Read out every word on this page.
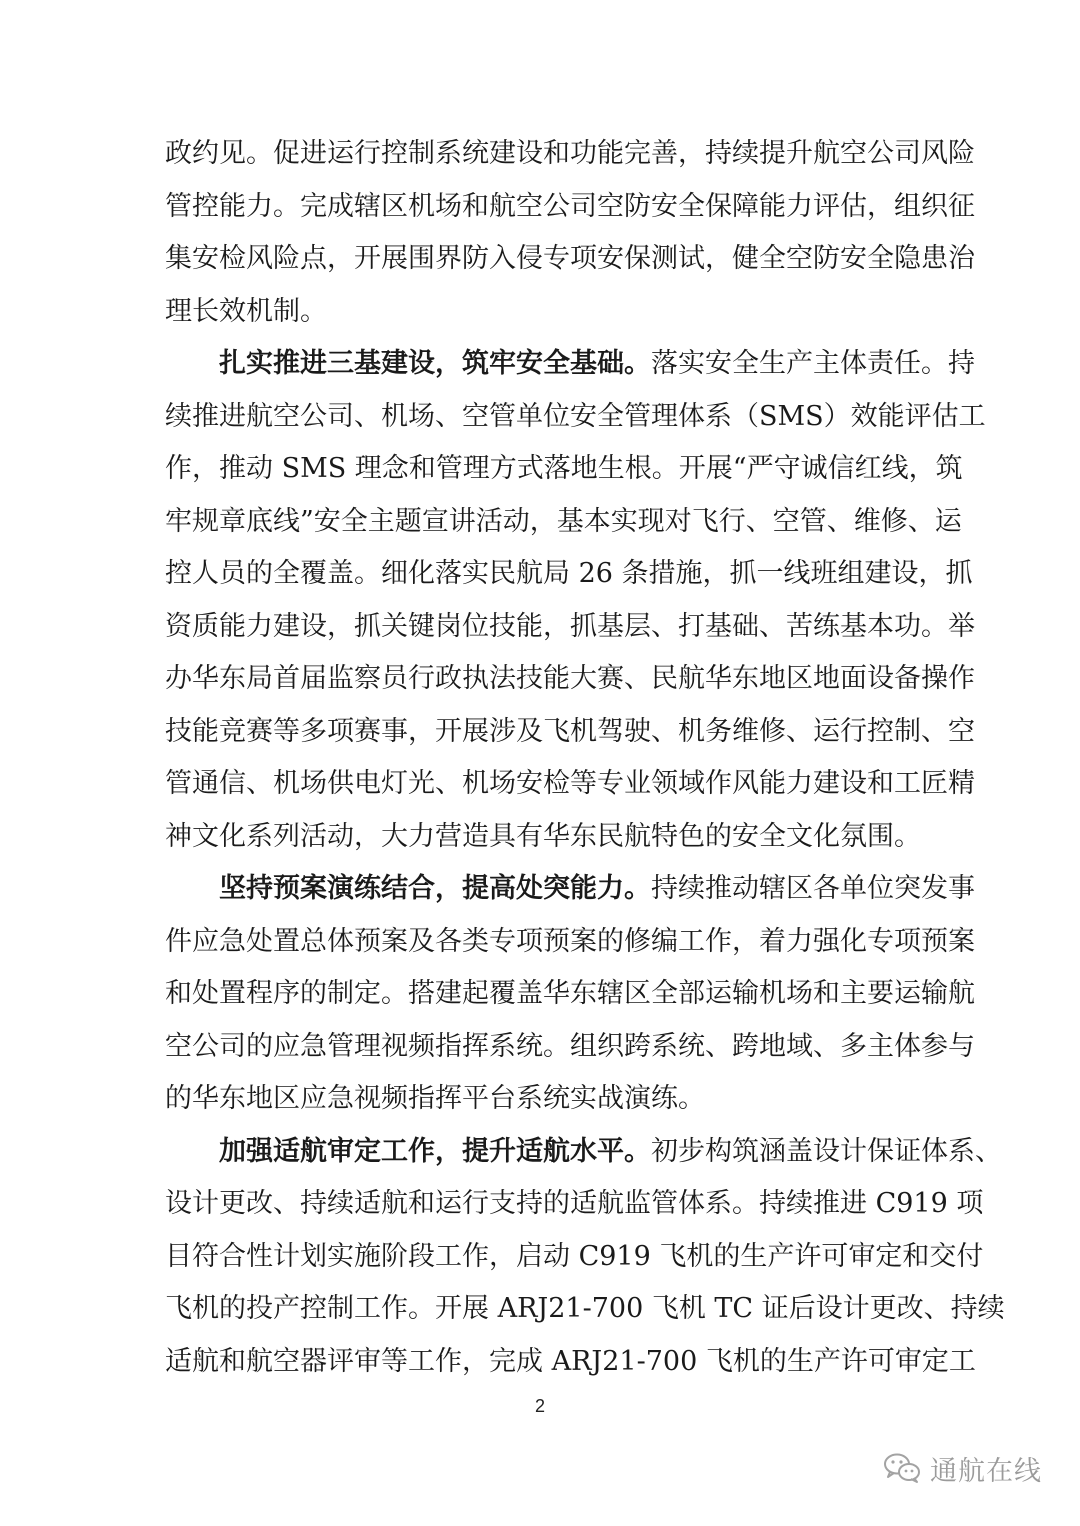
政约见。促进运行控制系统建设和功能完善，持续提升航空公司风险
管控能力。完成辖区机场和航空公司空防安全保障能力评估，组织征
集安检风险点，开展围界防入侵专项安保测试，健全空防安全隐患治
理长效机制。
扎实推进三基建设，筑牢安全基础。落实安全生产主体责任。持
续推进航空公司、机场、空管单位安全管理体系（SMS）效能评估工
作，推动 SMS 理念和管理方式落地生根。开展“严守诚信红线，筑
牢规章底线”安全主题宣讲活动，基本实现对飞行、空管、维修、运
控人员的全覆盖。细化落实民航局 26 条措施，抓一线班组建设，抓
资质能力建设，抓关键岗位技能，抓基层、打基础、苦练基本功。举
办华东局首届监察员行政执法技能大赛、民航华东地区地面设备操作
技能竞赛等多项赛事，开展涉及飞机驾驶、机务维修、运行控制、空
管通信、机场供电灯光、机场安检等专业领域作风能力建设和工匠精
神文化系列活动，大力营造具有华东民航特色的安全文化氛围。
坚持预案演练结合，提高处突能力。持续推动辖区各单位突发事
件应急处置总体预案及各类专项预案的修编工作，着力强化专项预案
和处置程序的制定。搭建起覆盖华东辖区全部运输机场和主要运输航
空公司的应急管理视频指挥系统。组织跨系统、跨地域、多主体参与
的华东地区应急视频指挥平台系统实战演练。
加强适航审定工作，提升适航水平。初步构筑涵盖设计保证体系、
设计更改、持续适航和运行支持的适航监管体系。持续推进 C919 项
目符合性计划实施阶段工作，启动 C919 飞机的生产许可审定和交付
飞机的投产控制工作。开展 ARJ21-700 飞机 TC 证后设计更改、持续
适航和航空器评审等工作，完成 ARJ21-700 飞机的生产许可审定工
2
通航在线
